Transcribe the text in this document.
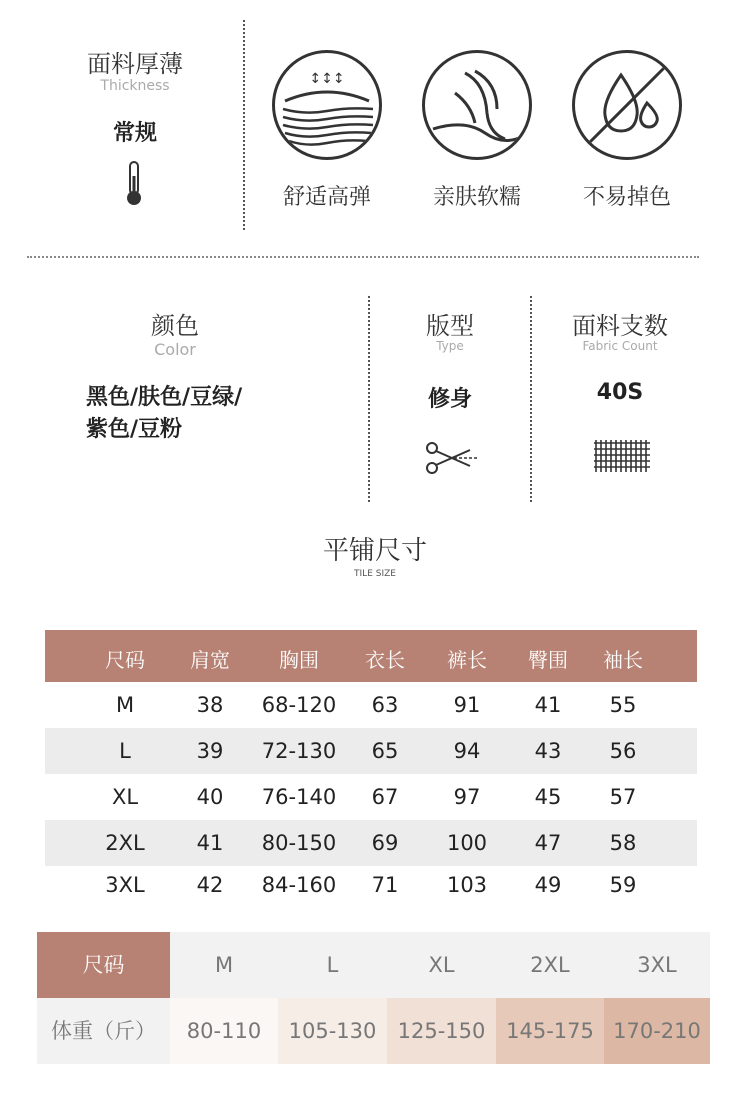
面料厚薄
Thickness
常规
↕↕↕
舒适高弹	亲肤软糯	不易掉色
颜色
Color
黑色/肤色/豆绿/
紫色/豆粉
版型
Type
修身
面料支数
Fabric Count
40S
平铺尺寸
TILE SIZE
尺码	肩宽	胸围	衣长	裤长	臀围	袖长
M	38	68-120	63	91	41	55
L	39	72-130	65	94	43	56
XL	40	76-140	67	97	45	57
2XL	41	80-150	69	100	47	58
3XL	42	84-160	71	103	49	59
尺码	M	L	XL	2XL	3XL
体重（斤）	80-110	105-130	125-150 145-175 170-210
